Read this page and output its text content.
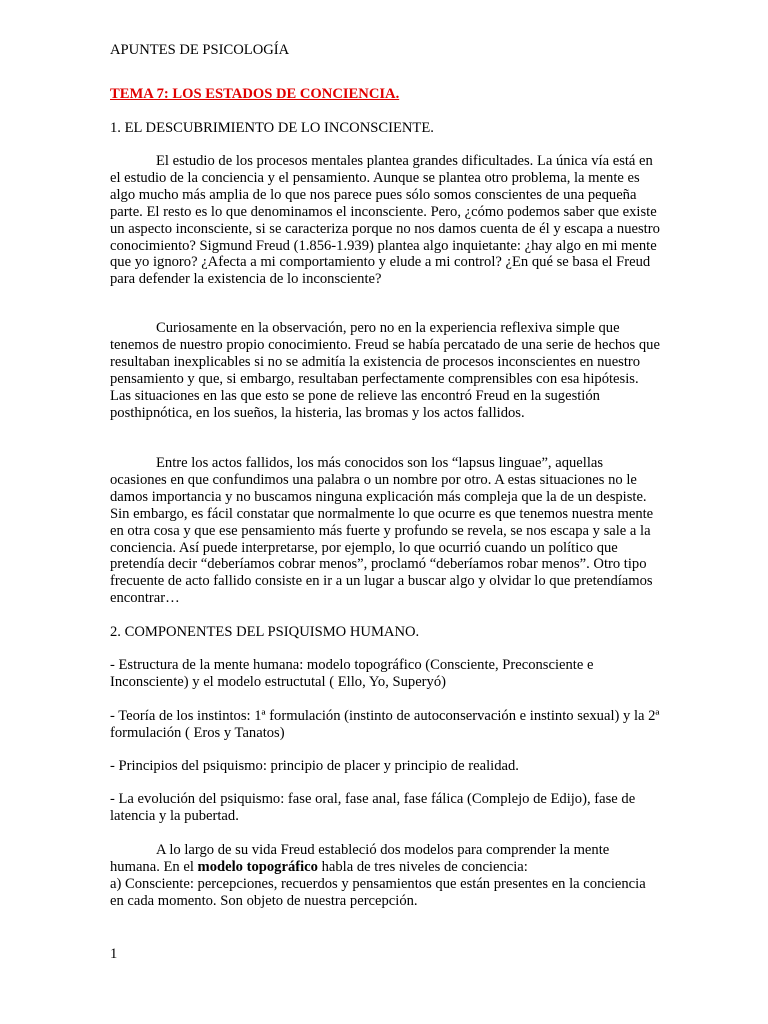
APUNTES DE PSICOLOGÍA

TEMA 7: LOS ESTADOS DE CONCIENCIA.

1. EL DESCUBRIMIENTO DE LO INCONSCIENTE.

El estudio de los procesos mentales plantea grandes dificultades. La única vía está en el estudio de la conciencia y el pensamiento. Aunque se plantea otro problema, la mente es algo mucho más amplia de lo que nos parece pues sólo somos conscientes de una pequeña parte. El resto es lo que denominamos el inconsciente. Pero, ¿cómo podemos saber que existe un aspecto inconsciente, si se caracteriza porque no nos damos cuenta de él y escapa a nuestro conocimiento? Sigmund Freud (1.856-1.939) plantea algo inquietante: ¿hay algo en mi mente que yo ignoro? ¿Afecta a mi comportamiento y elude a mi control? ¿En qué se basa el Freud para defender la existencia de lo inconsciente?

Curiosamente en la observación, pero no en la experiencia reflexiva simple que tenemos de nuestro propio conocimiento. Freud se había percatado de una serie de hechos que resultaban inexplicables si no se admitía la existencia de procesos inconscientes en nuestro pensamiento y que, si embargo, resultaban perfectamente comprensibles con esa hipótesis. Las situaciones en las que esto se pone de relieve las encontró Freud en la sugestión posthipnótica, en los sueños, la histeria, las bromas y los actos fallidos.

Entre los actos fallidos, los más conocidos son los “lapsus linguae”, aquellas ocasiones en que confundimos una palabra o un nombre por otro. A estas situaciones no le damos importancia y no buscamos ninguna explicación más compleja que la de un despiste. Sin embargo, es fácil constatar que normalmente lo que ocurre es que tenemos nuestra mente en otra cosa y que ese pensamiento más fuerte y profundo se revela, se nos escapa y sale a la conciencia. Así puede interpretarse, por ejemplo, lo que ocurrió cuando un político que pretendía decir “deberíamos cobrar menos”, proclamó “deberíamos robar menos”. Otro tipo frecuente de acto fallido consiste en ir a un lugar a buscar algo y olvidar lo que pretendíamos encontrar…

2. COMPONENTES DEL PSIQUISMO HUMANO.

- Estructura de la mente humana: modelo topográfico (Consciente, Preconsciente e Inconsciente) y el modelo estructutal ( Ello, Yo, Superyó)

- Teoría de los instintos: 1ª formulación (instinto de autoconservación e instinto sexual) y la 2ª formulación ( Eros y Tanatos)

- Principios del psiquismo: principio de placer y principio de realidad.

- La evolución del psiquismo: fase oral, fase anal, fase fálica (Complejo de Edijo), fase de latencia y la pubertad.

A lo largo de su vida Freud estableció dos modelos para comprender la mente humana. En el modelo topográfico habla de tres niveles de conciencia:

a) Consciente: percepciones, recuerdos y pensamientos que están presentes en la conciencia en cada momento. Son objeto de nuestra percepción.

1
